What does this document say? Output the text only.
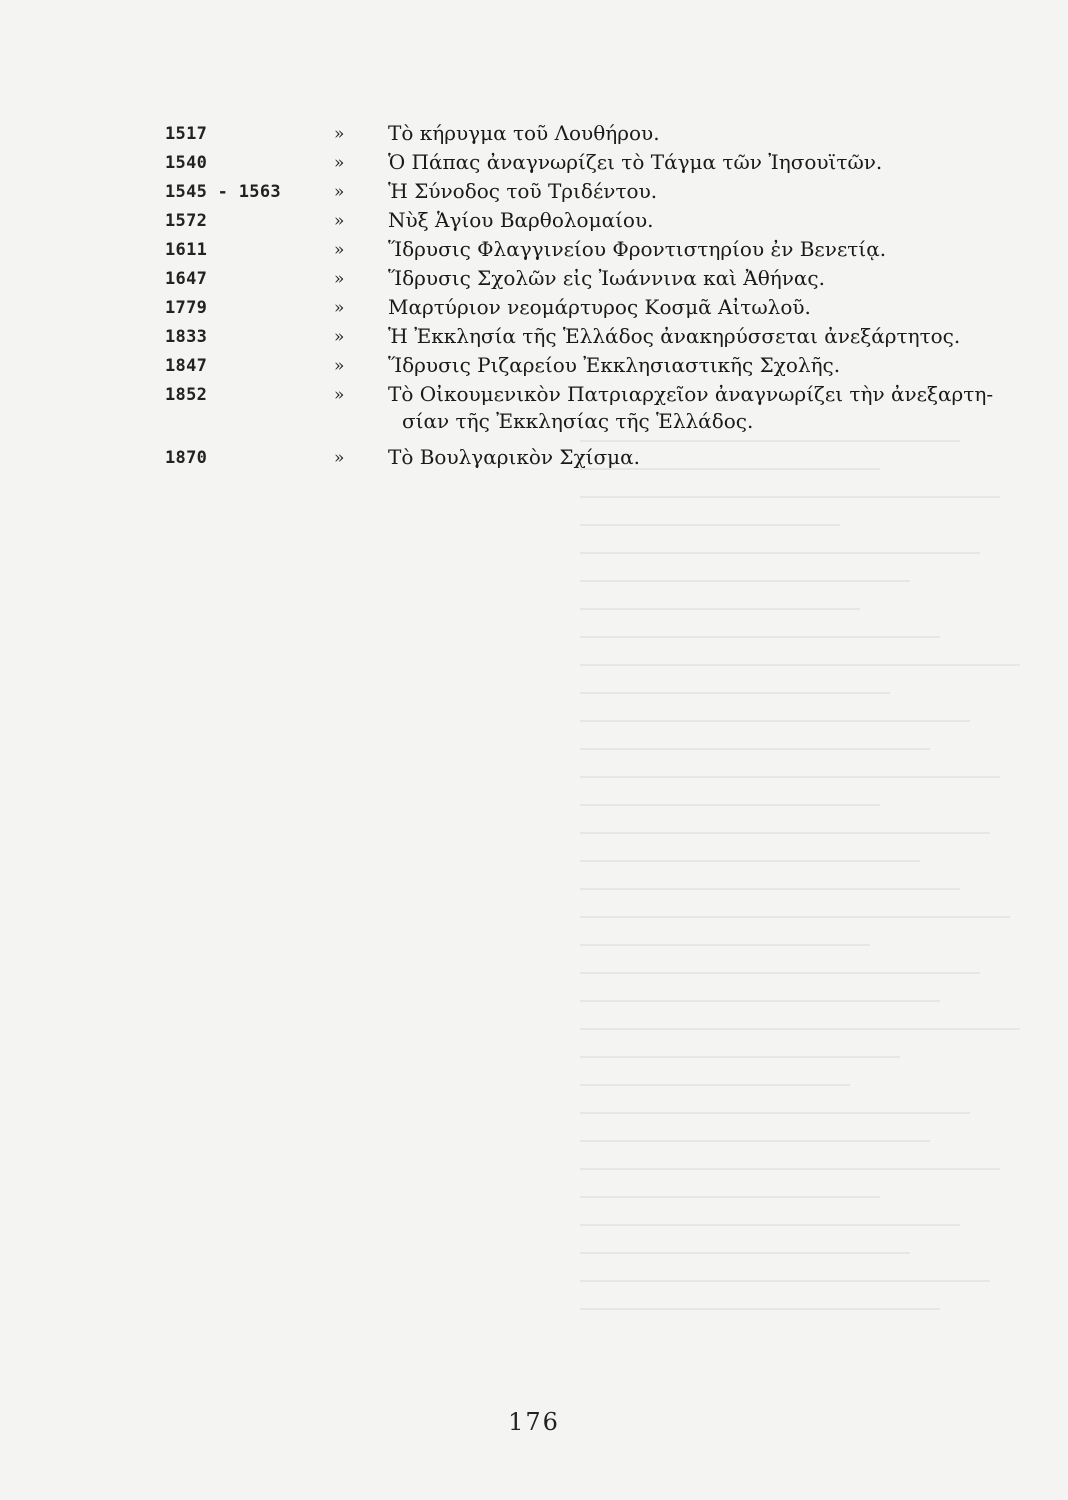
1517	» Τὸ κήρυγμα τοῦ Λουθήρου.
1540	» Ὁ Πάπας ἀναγνωρίζει τὸ Τάγμα τῶν Ἰησουϊτῶν.
1545 - 1563	» Ἡ Σύνοδος τοῦ Τριδέντου.
1572	» Νὺξ Ἁγίου Βαρθολομαίου.
1611	» Ἵδρυσις Φλαγγινείου Φροντιστηρίου ἐν Βενετίᾳ.
1647	» Ἵδρυσις Σχολῶν εἰς Ἰωάννινα καὶ Ἀθήνας.
1779	» Μαρτύριον νεομάρτυρος Κοσμᾶ Αἰτωλοῦ.
1833	» Ἡ Ἐκκλησία τῆς Ἑλλάδος ἀνακηρύσσεται ἀνεξάρτητος.
1847	» Ἵδρυσις Ριζαρείου Ἐκκλησιαστικῆς Σχολῆς.
1852	» Τὸ Οἰκουμενικὸν Πατριαρχεῖον ἀναγνωρίζει τὴν ἀνεξαρτη-
σίαν τῆς Ἐκκλησίας τῆς Ἑλλάδος.
1870	» Τὸ Βουλγαρικὸν Σχίσμα.
176
